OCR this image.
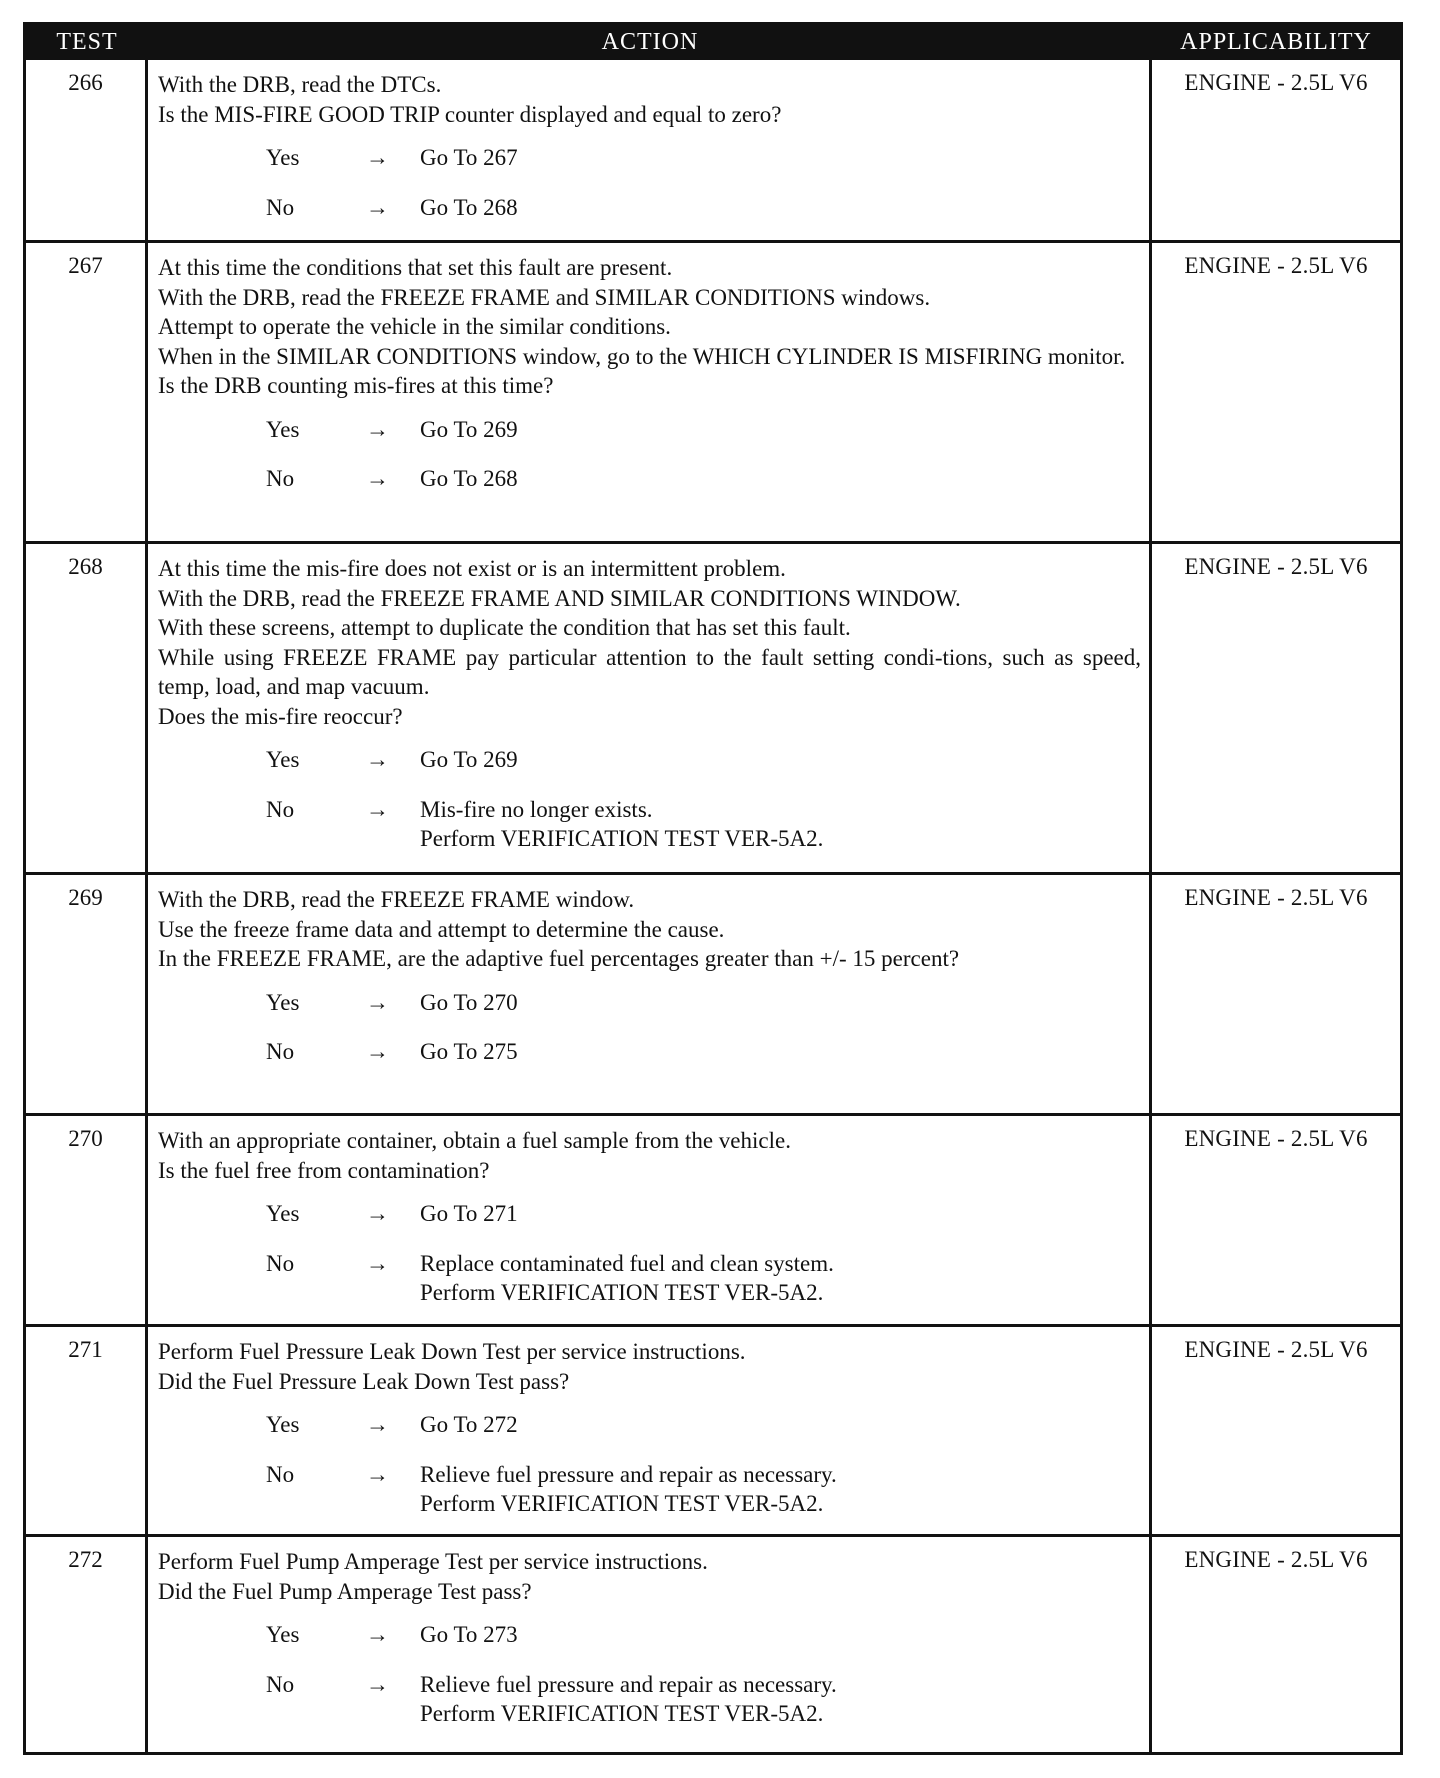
TEST	ACTION	APPLICABILITY
266	With the DRB, read the DTCs.
Is the MIS-FIRE GOOD TRIP counter displayed and equal to zero?
Yes	→	Go To 267
No	→	Go To 268
ENGINE - 2.5L V6
267	At this time the conditions that set this fault are present.
With the DRB, read the FREEZE FRAME and SIMILAR CONDITIONS windows.
Attempt to operate the vehicle in the similar conditions.
When in the SIMILAR CONDITIONS window, go to the WHICH CYLINDER IS MISFIRING monitor.
Is the DRB counting mis-fires at this time?
Yes	→	Go To 269
No	→	Go To 268
ENGINE - 2.5L V6
268	At this time the mis-fire does not exist or is an intermittent problem.
With the DRB, read the FREEZE FRAME AND SIMILAR CONDITIONS WINDOW.
With these screens, attempt to duplicate the condition that has set this fault.
While using FREEZE FRAME pay particular attention to the fault setting condi-tions, such as speed, temp, load, and map vacuum.
Does the mis-fire reoccur?
Yes	→	Go To 269
No	→	Mis-fire no longer exists.
Perform VERIFICATION TEST VER-5A2.
ENGINE - 2.5L V6
269	With the DRB, read the FREEZE FRAME window.
Use the freeze frame data and attempt to determine the cause.
In the FREEZE FRAME, are the adaptive fuel percentages greater than +/- 15 percent?
Yes	→	Go To 270
No	→	Go To 275
ENGINE - 2.5L V6
270	With an appropriate container, obtain a fuel sample from the vehicle.
Is the fuel free from contamination?
Yes	→	Go To 271
No	→	Replace contaminated fuel and clean system.
Perform VERIFICATION TEST VER-5A2.
ENGINE - 2.5L V6
271	Perform Fuel Pressure Leak Down Test per service instructions.
Did the Fuel Pressure Leak Down Test pass?
Yes	→	Go To 272
No	→	Relieve fuel pressure and repair as necessary.
Perform VERIFICATION TEST VER-5A2.
ENGINE - 2.5L V6
272	Perform Fuel Pump Amperage Test per service instructions.
Did the Fuel Pump Amperage Test pass?
Yes	→	Go To 273
No	→	Relieve fuel pressure and repair as necessary.
Perform VERIFICATION TEST VER-5A2.
ENGINE - 2.5L V6
